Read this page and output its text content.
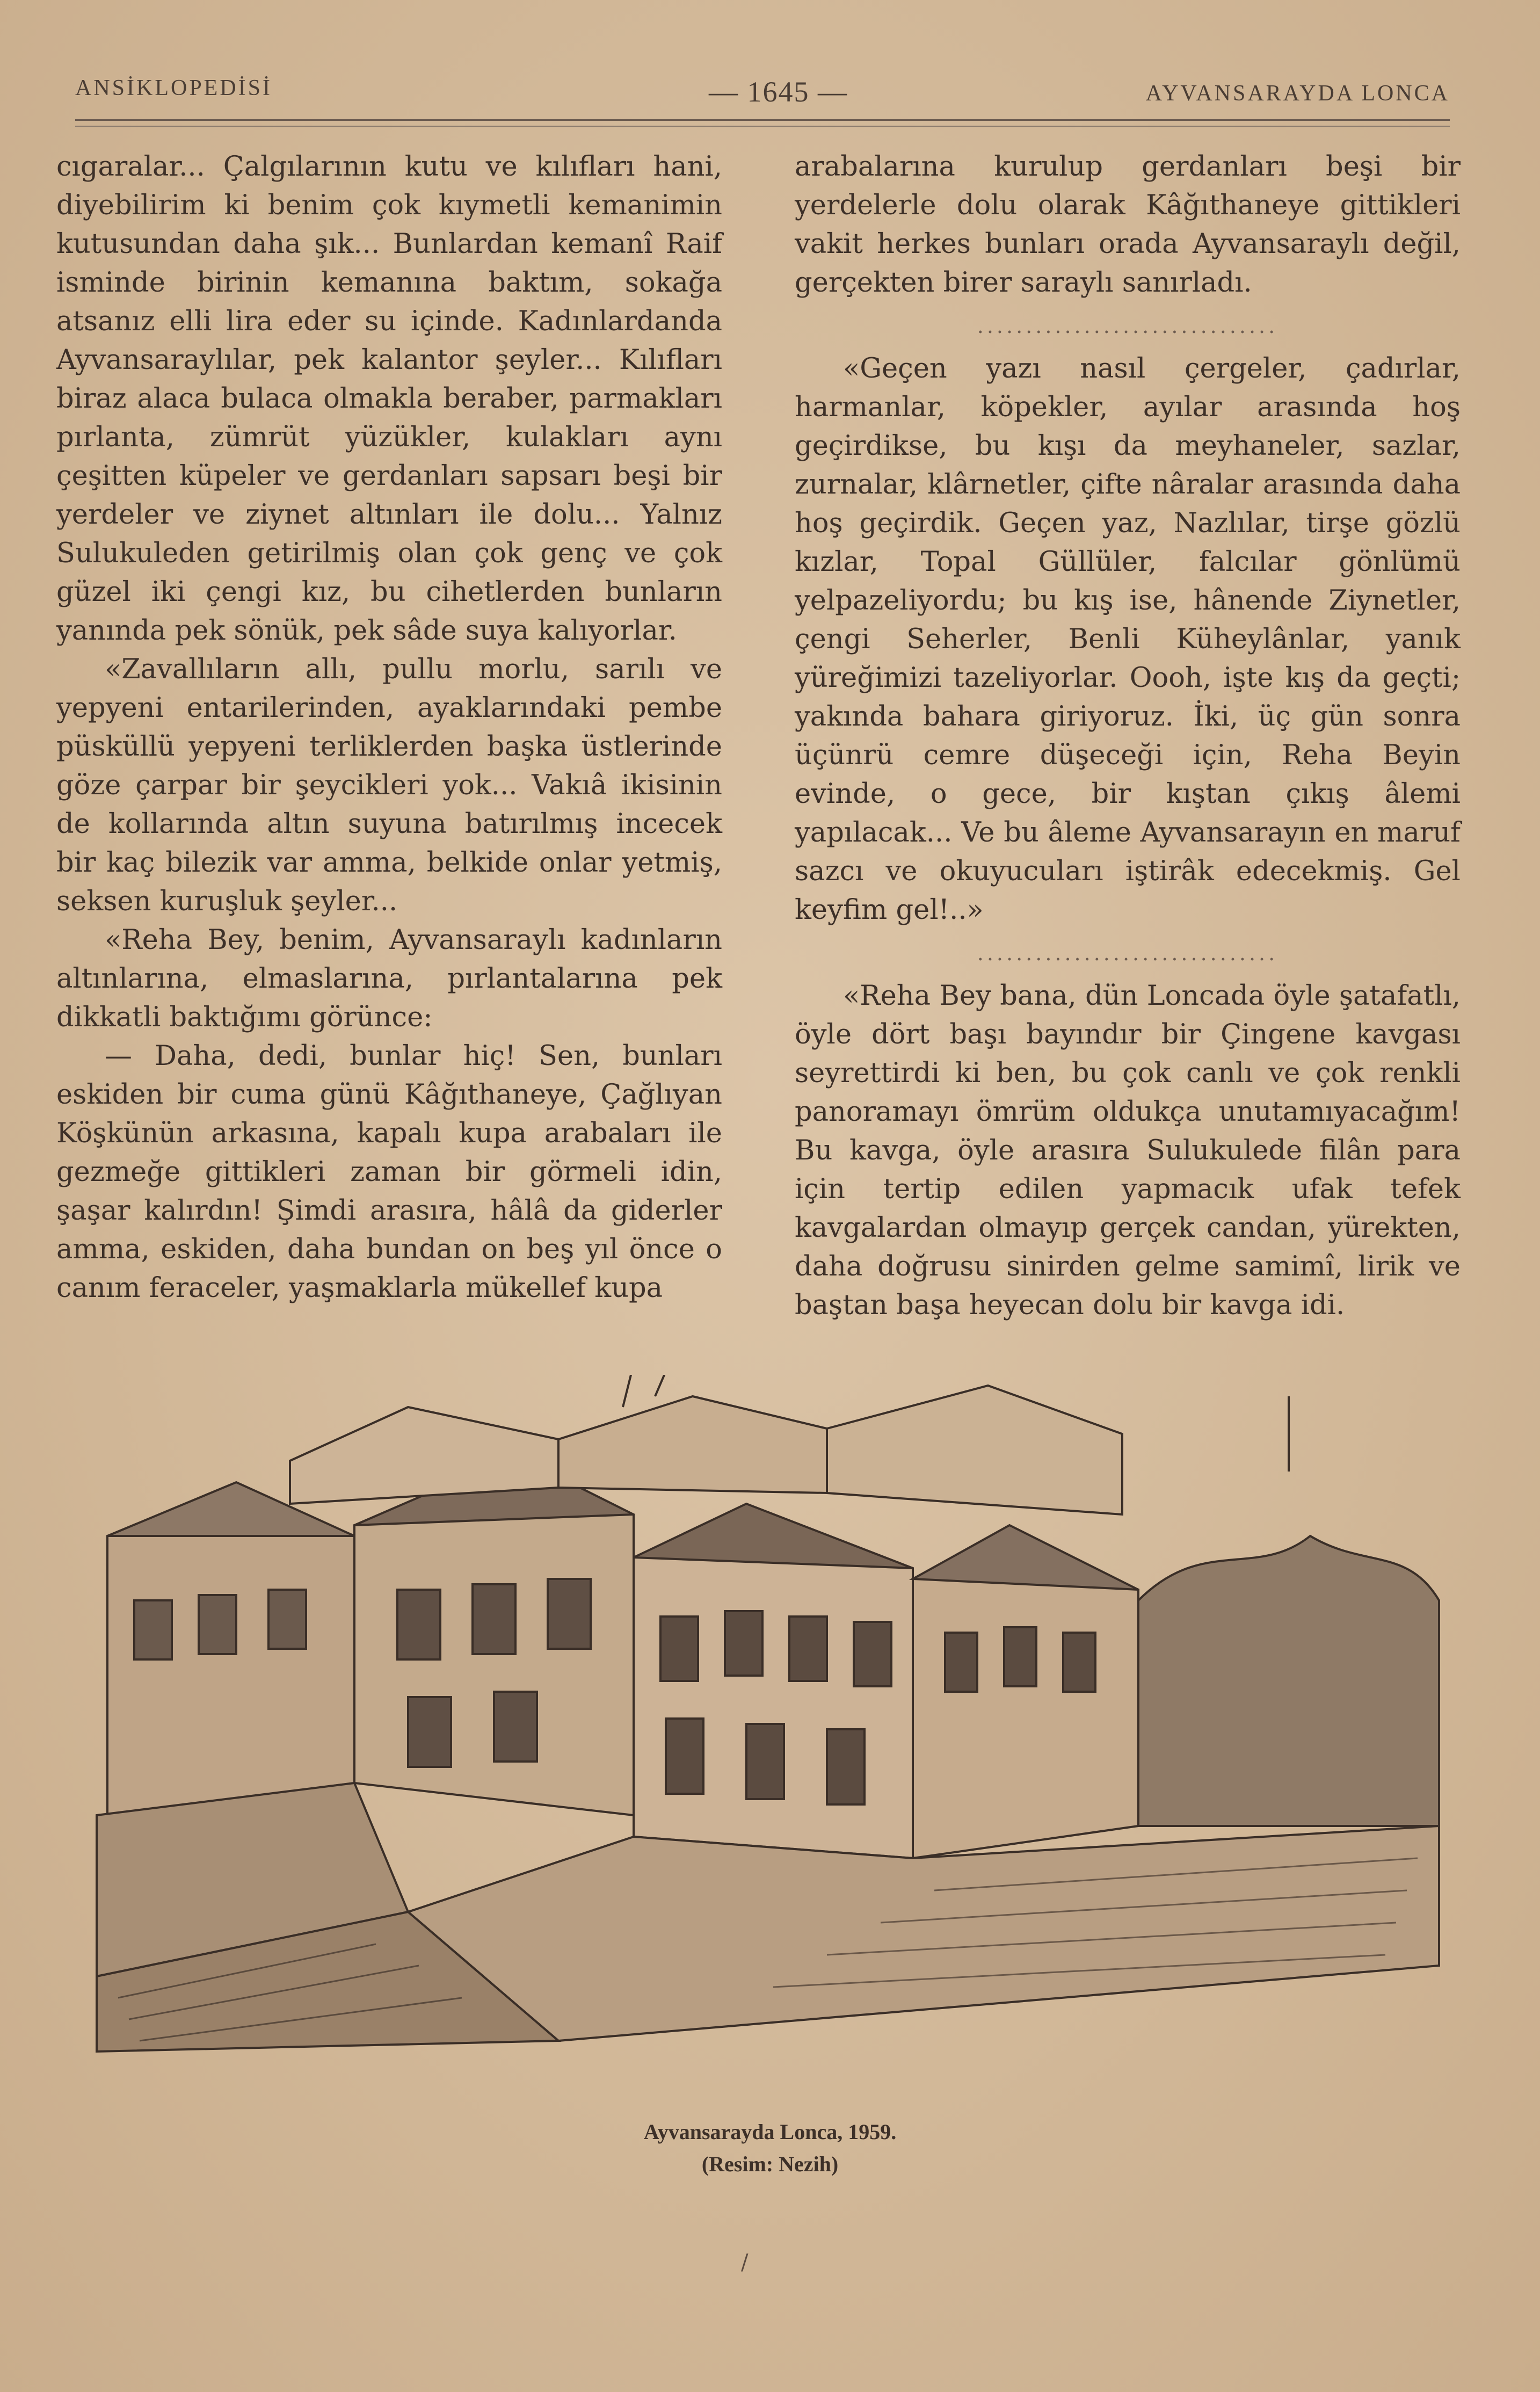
ANSİKLOPEDİSİ	— 1645 —	AYVANSARAYDA LONCA

cıgaralar... Çalgılarının kutu ve kılıfları hani, diyebilirim ki benim çok kıymetli kemanimin kutusundan daha şık... Bunlardan kemanî Raif isminde birinin kemanına baktım, sokağa atsanız elli lira eder su içinde. Kadınlardanda Ayvansaraylılar, pek kalantor şeyler... Kılıfları biraz alaca bulaca olmakla beraber, parmakları pırlanta, zümrüt yüzükler, kulakları aynı çeşitten küpeler ve gerdanları sapsarı beşi bir yerdeler ve ziynet altınları ile dolu... Yalnız Sulukuleden getirilmiş olan çok genç ve çok güzel iki çengi kız, bu cihetlerden bunların yanında pek sönük, pek sâde suya kalıyorlar.

«Zavallıların allı, pullu morlu, sarılı ve yepyeni entarilerinden, ayaklarındaki pembe püsküllü yepyeni terliklerden başka üstlerinde göze çarpar bir şeycikleri yok... Vakıâ ikisinin de kollarında altın suyuna batırılmış incecek bir kaç bilezik var amma, belkide onlar yetmiş, seksen kuruşluk şeyler...

«Reha Bey, benim, Ayvansaraylı kadınların altınlarına, elmaslarına, pırlantalarına pek dikkatli baktığımı görünce:

— Daha, dedi, bunlar hiç! Sen, bunları eskiden bir cuma günü Kâğıthaneye, Çağlıyan Köşkünün arkasına, kapalı kupa arabaları ile gezmeğe gittikleri zaman bir görmeli idin, şaşar kalırdın! Şimdi arasıra, hâlâ da giderler amma, eskiden, daha bundan on beş yıl önce o canım feraceler, yaşmaklarla mükellef kupa

arabalarına kurulup gerdanları beşi bir yerdelerle dolu olarak Kâğıthaneye gittikleri vakit herkes bunları orada Ayvansaraylı değil, gerçekten birer saraylı sanırladı.

...............................

«Geçen yazı nasıl çergeler, çadırlar, harmanlar, köpekler, ayılar arasında hoş geçirdikse, bu kışı da meyhaneler, sazlar, zurnalar, klârnetler, çifte nâralar arasında daha hoş geçirdik. Geçen yaz, Nazlılar, tirşe gözlü kızlar, Topal Güllüler, falcılar gönlümü yelpazeliyordu; bu kış ise, hânende Ziynetler, çengi Seherler, Benli Küheylânlar, yanık yüreğimizi tazeliyorlar. Oooh, işte kış da geçti; yakında bahara giriyoruz. İki, üç gün sonra üçünrü cemre düşeceği için, Reha Beyin evinde, o gece, bir kıştan çıkış âlemi yapılacak... Ve bu âleme Ayvansarayın en maruf sazcı ve okuyucuları iştirâk edecekmiş. Gel keyfim gel!..»

...............................

«Reha Bey bana, dün Loncada öyle şatafatlı, öyle dört başı bayındır bir Çingene kavgası seyrettirdi ki ben, bu çok canlı ve çok renkli panoramayı ömrüm oldukça unutamıyacağım! Bu kavga, öyle arasıra Sulukulede filân para için tertip edilen yapmacık ufak tefek kavgalardan olmayıp gerçek candan, yürekten, daha doğrusu sinirden gelme samimî, lirik ve baştan başa heyecan dolu bir kavga idi.

Ayvansarayda Lonca, 1959.
(Resim: Nezih)
/
